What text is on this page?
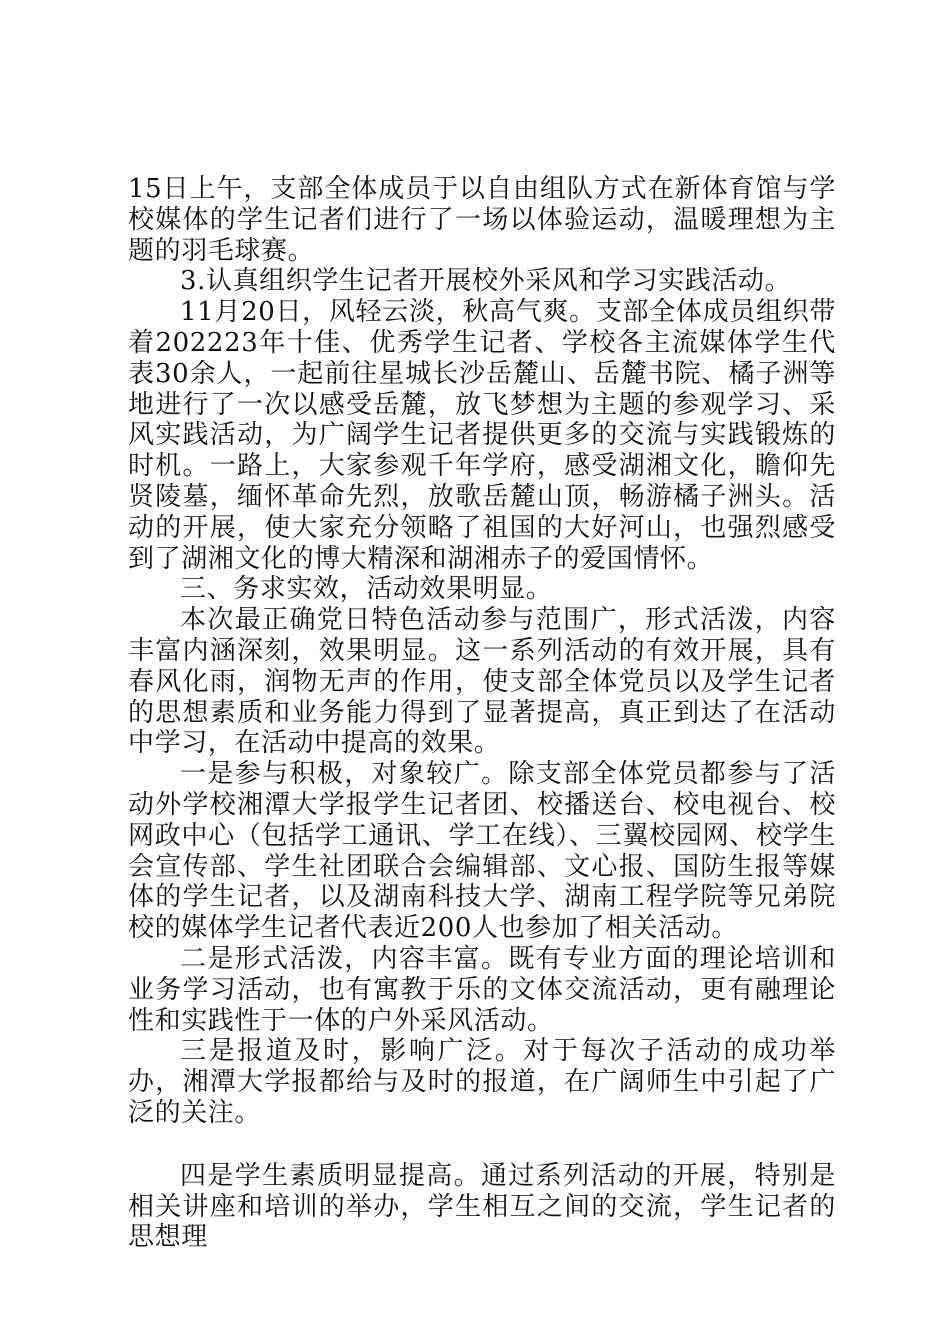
15日上午，支部全体成员于以自由组队方式在新体育馆与学校媒体的学生记者们进行了一场以体验运动，温暖理想为主题的羽毛球赛。

3.认真组织学生记者开展校外采风和学习实践活动。

11月20日，风轻云淡，秋高气爽。支部全体成员组织带着202223年十佳、优秀学生记者、学校各主流媒体学生代表30余人，一起前往星城长沙岳麓山、岳麓书院、橘子洲等地进行了一次以感受岳麓，放飞梦想为主题的参观学习、采风实践活动，为广阔学生记者提供更多的交流与实践锻炼的时机。一路上，大家参观千年学府，感受湖湘文化，瞻仰先贤陵墓，缅怀革命先烈，放歌岳麓山顶，畅游橘子洲头。活动的开展，使大家充分领略了祖国的大好河山，也强烈感受到了湖湘文化的博大精深和湖湘赤子的爱国情怀。

三、务求实效，活动效果明显。

本次最正确党日特色活动参与范围广，形式活泼，内容丰富内涵深刻，效果明显。这一系列活动的有效开展，具有春风化雨，润物无声的作用，使支部全体党员以及学生记者的思想素质和业务能力得到了显著提高，真正到达了在活动中学习，在活动中提高的效果。

一是参与积极，对象较广。除支部全体党员都参与了活动外学校湘潭大学报学生记者团、校播送台、校电视台、校网政中心（包括学工通讯、学工在线）、三翼校园网、校学生会宣传部、学生社团联合会编辑部、文心报、国防生报等媒体的学生记者，以及湖南科技大学、湖南工程学院等兄弟院校的媒体学生记者代表近200人也参加了相关活动。

二是形式活泼，内容丰富。既有专业方面的理论培训和业务学习活动，也有寓教于乐的文体交流活动，更有融理论性和实践性于一体的户外采风活动。

三是报道及时，影响广泛。对于每次子活动的成功举办，湘潭大学报都给与及时的报道，在广阔师生中引起了广泛的关注。

四是学生素质明显提高。通过系列活动的开展，特别是相关讲座和培训的举办，学生相互之间的交流，学生记者的思想理
